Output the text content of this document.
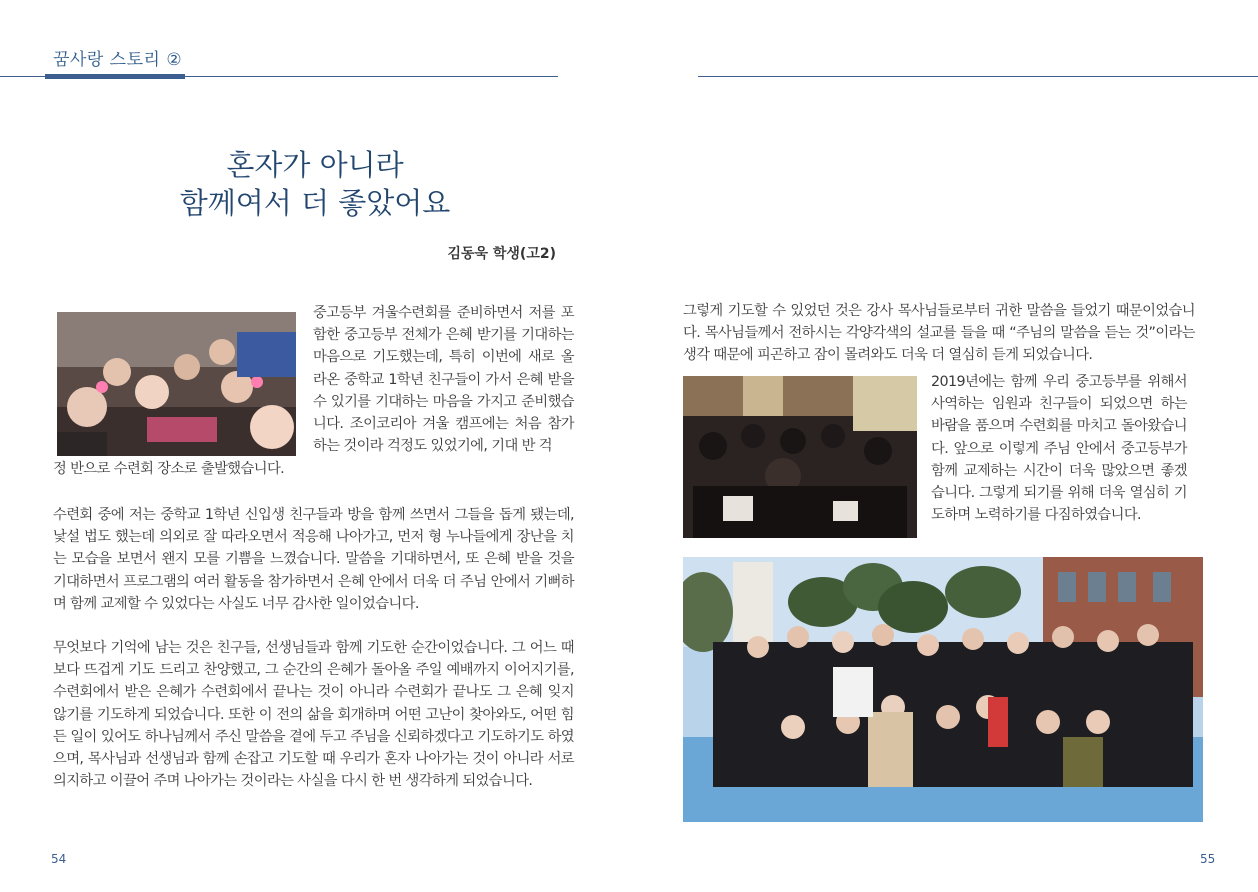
꿈사랑 스토리 ②
혼자가 아니라
함께여서 더 좋았어요
김동욱 학생(고2)

중고등부 겨울수련회를 준비하면서 저를 포함한 중고등부 전체가 은혜 받기를 기대하는 마음으로 기도했는데, 특히 이번에 새로 올라온 중학교 1학년 친구들이 가서 은혜 받을 수 있기를 기대하는 마음을 가지고 준비했습니다. 조이코리아 겨울 캠프에는 처음 참가하는 것이라 걱정도 있었기에, 기대 반 걱

정 반으로 수련회 장소로 출발했습니다.

수련회 중에 저는 중학교 1학년 신입생 친구들과 방을 함께 쓰면서 그들을 돕게 됐는데, 낯설 법도 했는데 의외로 잘 따라오면서 적응해 나아가고, 먼저 형 누나들에게 장난을 치는 모습을 보면서 왠지 모를 기쁨을 느꼈습니다. 말씀을 기대하면서, 또 은혜 받을 것을 기대하면서 프로그램의 여러 활동을 참가하면서 은혜 안에서 더욱 더 주님 안에서 기뻐하며 함께 교제할 수 있었다는 사실도 너무 감사한 일이었습니다.

무엇보다 기억에 남는 것은 친구들, 선생님들과 함께 기도한 순간이었습니다. 그 어느 때보다 뜨겁게 기도 드리고 찬양했고, 그 순간의 은혜가 돌아올 주일 예배까지 이어지기를, 수련회에서 받은 은혜가 수련회에서 끝나는 것이 아니라 수련회가 끝나도 그 은혜 잊지 않기를 기도하게 되었습니다. 또한 이 전의 삶을 회개하며 어떤 고난이 찾아와도, 어떤 힘든 일이 있어도 하나님께서 주신 말씀을 곁에 두고 주님을 신뢰하겠다고 기도하기도 하였으며, 목사님과 선생님과 함께 손잡고 기도할 때 우리가 혼자 나아가는 것이 아니라 서로 의지하고 이끌어 주며 나아가는 것이라는 사실을 다시 한 번 생각하게 되었습니다.

54

그렇게 기도할 수 있었던 것은 강사 목사님들로부터 귀한 말씀을 들었기 때문이었습니다. 목사님들께서 전하시는 각양각색의 설교를 들을 때 “주님의 말씀을 듣는 것”이라는 생각 때문에 피곤하고 잠이 몰려와도 더욱 더 열심히 듣게 되었습니다.

2019년에는 함께 우리 중고등부를 위해서 사역하는 임원과 친구들이 되었으면 하는 바람을 품으며 수련회를 마치고 돌아왔습니다. 앞으로 이렇게 주님 안에서 중고등부가 함께 교제하는 시간이 더욱 많았으면 좋겠습니다. 그렇게 되기를 위해 더욱 열심히 기도하며 노력하기를 다짐하였습니다.

55
